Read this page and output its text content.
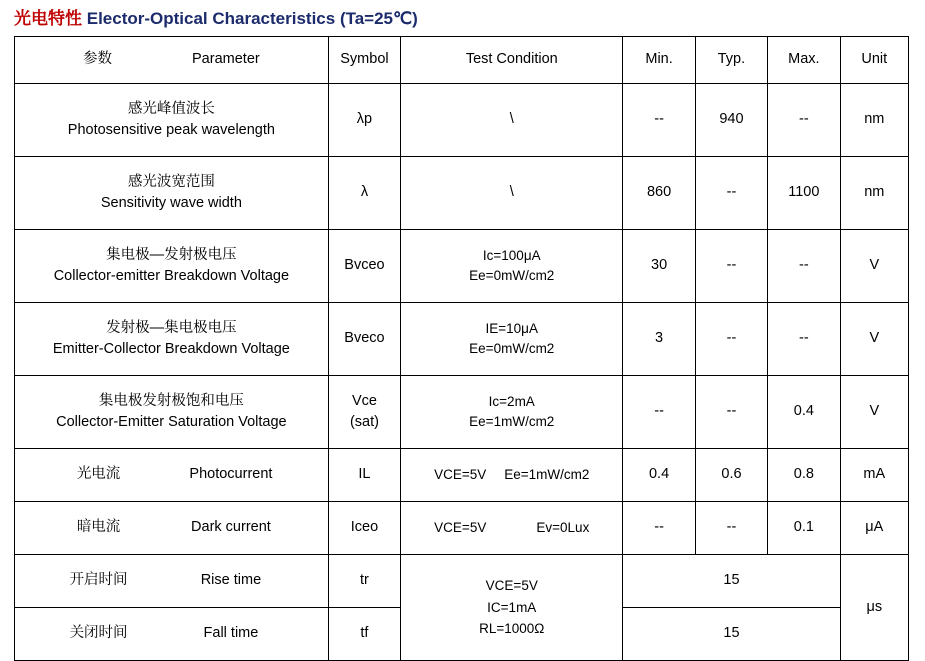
光电特性 Elector-Optical Characteristics (Ta=25℃)
参数 Parameter	Symbol	Test Condition	Min.	Typ.	Max.	Unit

感光峰值波长
Photosensitive peak wavelength	λp	\	--	940	--	nm

感光波宽范围
Sensitivity wave width	λ	\	860	--	1100	nm

集电极—发射极电压
Collector-emitter Breakdown Voltage	Bvceo	Ic=100μA
Ee=0mW/cm2	30	--	--	V

发射极—集电极电压
Emitter-Collector Breakdown Voltage	Bveco	IE=10μA
Ee=0mW/cm2	3	--	--	V

集电极发射极饱和电压
Collector-Emitter Saturation Voltage	Vce
(sat)	Ic=2mA
Ee=1mW/cm2	--	--	0.4	V

光电流 Photocurrent	IL	VCE=5V Ee=1mW/cm2	0.4	0.6	0.8	mA

暗电流 Dark current	Iceo	VCE=5V Ev=0Lux	--	--	0.1	μA

开启时间 Rise time	tr	VCE=5V
IC=1mA
RL=1000Ω	15			μs

关闭时间 Fall time	tf		15			
